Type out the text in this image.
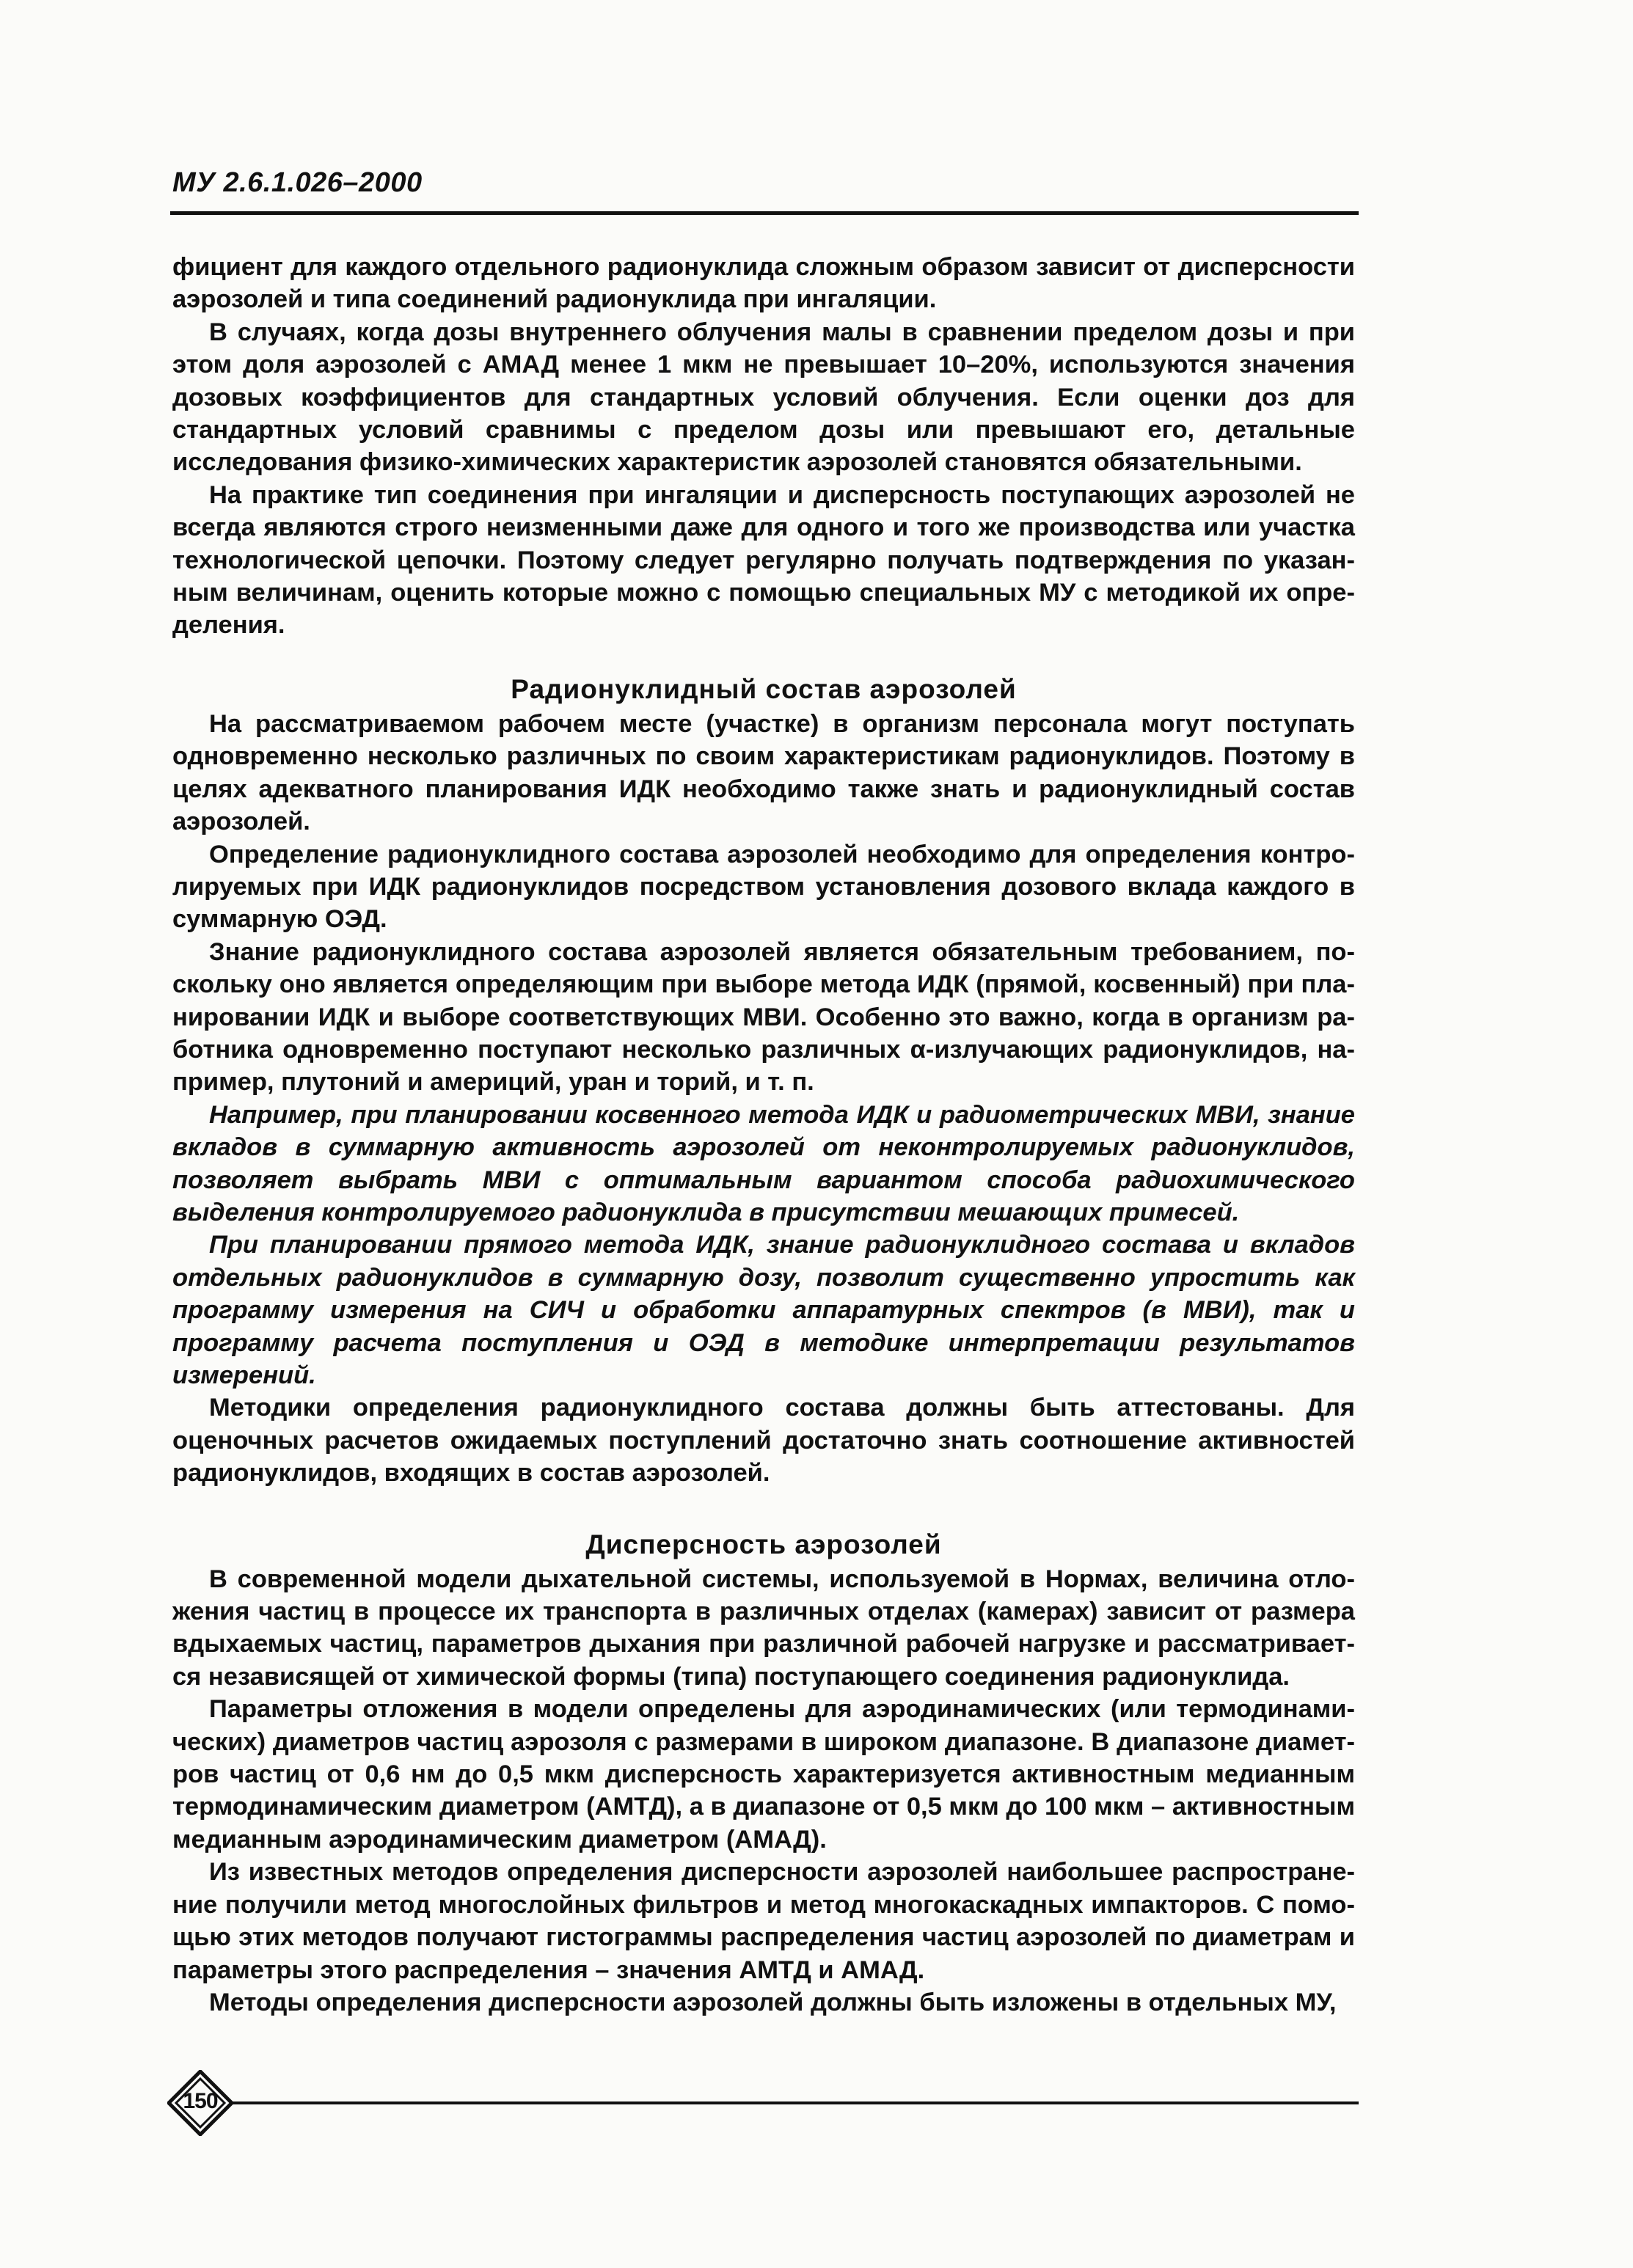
МУ 2.6.1.026–2000

фициент для каждого отдельного радионуклида сложным образом зависит от дисперсности аэрозолей и типа соединений радионуклида при ингаляции.

В случаях, когда дозы внутреннего облучения малы в сравнении пределом дозы и при этом доля аэрозолей с АМАД менее 1 мкм не превышает 10–20%, используются значения дозовых коэффициентов для стандартных условий облучения. Если оценки доз для стандартных условий сравнимы с пределом дозы или превышают его, детальные исследования физико-химических характеристик аэрозолей становятся обязательными.

На практике тип соединения при ингаляции и дисперсность поступающих аэрозолей не всегда являются строго неизменными даже для одного и того же производства или участка технологической цепочки. Поэтому следует регулярно получать подтверждения по указанным величинам, оценить которые можно с помощью специальных МУ с методикой их определения.

Радионуклидный состав аэрозолей

На рассматриваемом рабочем месте (участке) в организм персонала могут поступать одновременно несколько различных по своим характеристикам радионуклидов. Поэтому в целях адекватного планирования ИДК необходимо также знать и радионуклидный состав аэрозолей.

Определение радионуклидного состава аэрозолей необходимо для определения контролируемых при ИДК радионуклидов посредством установления дозового вклада каждого в суммарную ОЭД.

Знание радионуклидного состава аэрозолей является обязательным требованием, поскольку оно является определяющим при выборе метода ИДК (прямой, косвенный) при планировании ИДК и выборе соответствующих МВИ. Особенно это важно, когда в организм работника одновременно поступают несколько различных α-излучающих радионуклидов, например, плутоний и америций, уран и торий, и т. п.

Например, при планировании косвенного метода ИДК и радиометрических МВИ, знание вкладов в суммарную активность аэрозолей от неконтролируемых радионуклидов, позволяет выбрать МВИ с оптимальным вариантом способа радиохимического выделения контролируемого радионуклида в присутствии мешающих примесей.

При планировании прямого метода ИДК, знание радионуклидного состава и вкладов отдельных радионуклидов в суммарную дозу, позволит существенно упростить как программу измерения на СИЧ и обработки аппаратурных спектров (в МВИ), так и программу расчета поступления и ОЭД в методике интерпретации результатов измерений.

Методики определения радионуклидного состава должны быть аттестованы. Для оценочных расчетов ожидаемых поступлений достаточно знать соотношение активностей радионуклидов, входящих в состав аэрозолей.

Дисперсность аэрозолей

В современной модели дыхательной системы, используемой в Нормах, величина отложения частиц в процессе их транспорта в различных отделах (камерах) зависит от размера вдыхаемых частиц, параметров дыхания при различной рабочей нагрузке и рассматривается независящей от химической формы (типа) поступающего соединения радионуклида.

Параметры отложения в модели определены для аэродинамических (или термодинамических) диаметров частиц аэрозоля с размерами в широком диапазоне. В диапазоне диаметров частиц от 0,6 нм до 0,5 мкм дисперсность характеризуется активностным медианным термодинамическим диаметром (АМТД), а в диапазоне от 0,5 мкм до 100 мкм – активностным медианным аэродинамическим диаметром (АМАД).

Из известных методов определения дисперсности аэрозолей наибольшее распространение получили метод многослойных фильтров и метод многокаскадных импакторов. С помощью этих методов получают гистограммы распределения частиц аэрозолей по диаметрам и параметры этого распределения – значения АМТД и АМАД.

Методы определения дисперсности аэрозолей должны быть изложены в отдельных МУ,

150
